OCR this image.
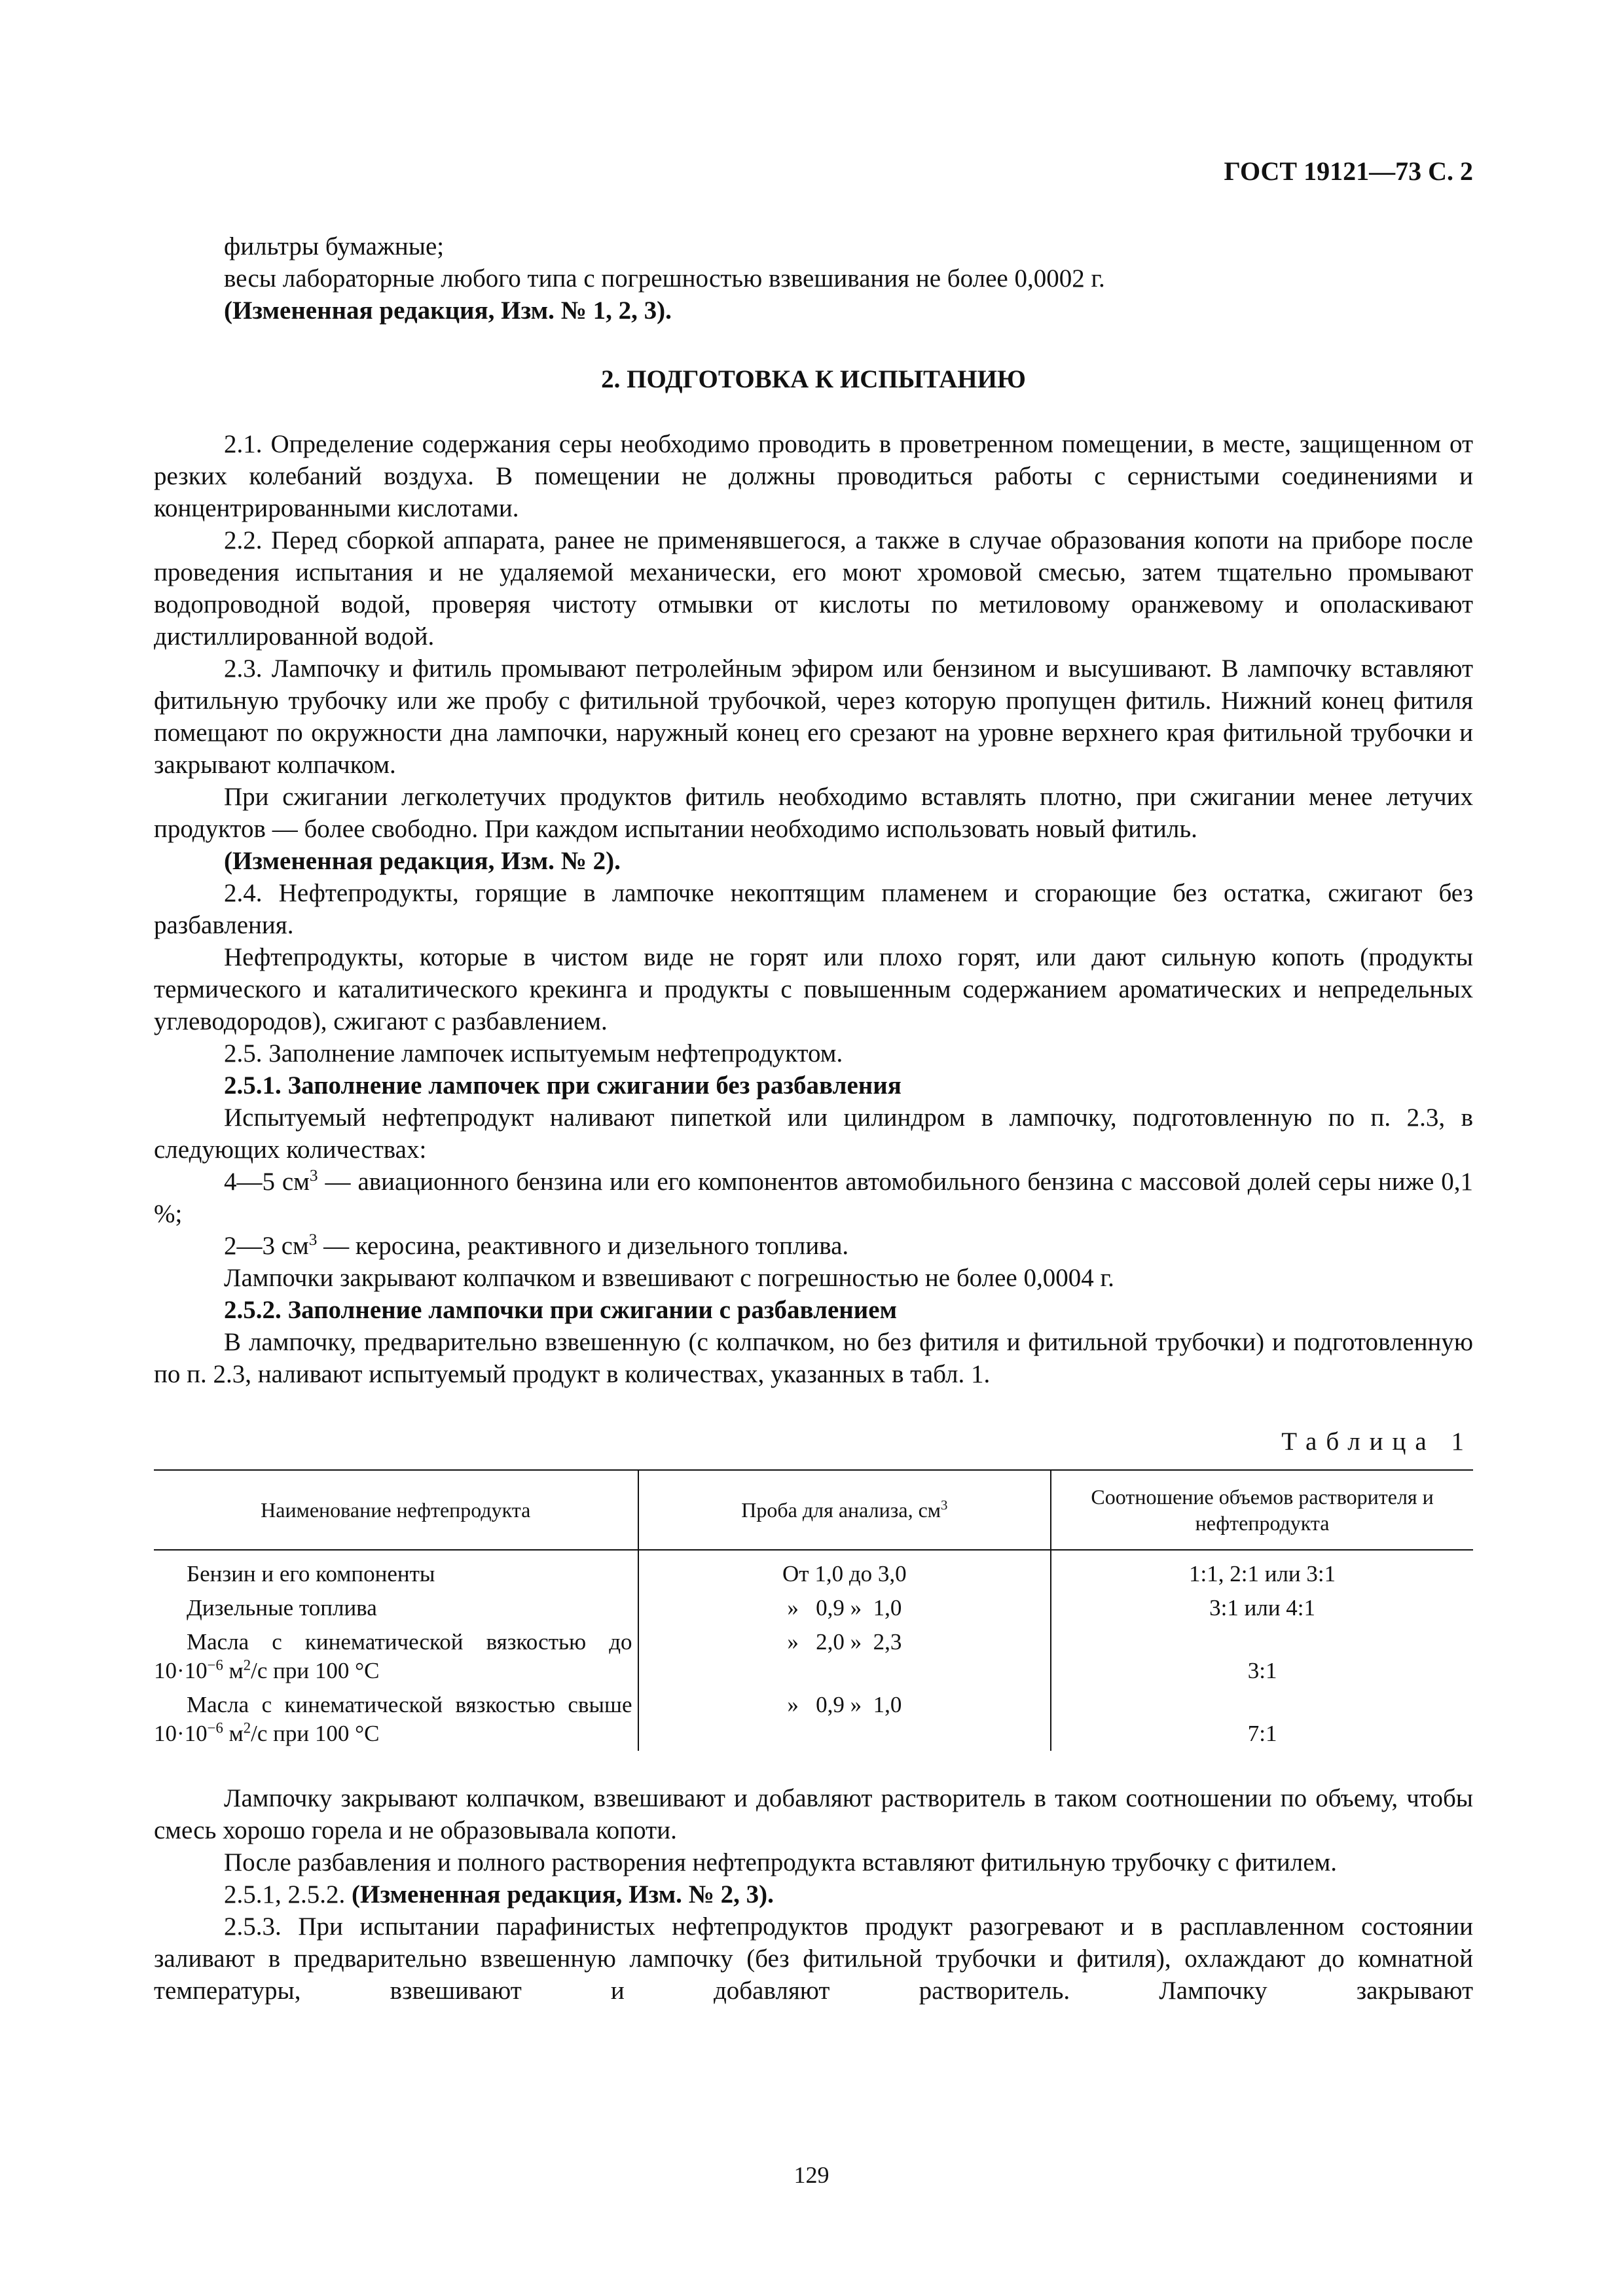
ГОСТ 19121—73 С. 2

фильтры бумажные;

весы лабораторные любого типа с погрешностью взвешивания не более 0,0002 г.

(Измененная редакция, Изм. № 1, 2, 3).

2. ПОДГОТОВКА К ИСПЫТАНИЮ

2.1. Определение содержания серы необходимо проводить в проветренном помещении, в месте, защищенном от резких колебаний воздуха. В помещении не должны проводиться работы с сернистыми соединениями и концентрированными кислотами.

2.2. Перед сборкой аппарата, ранее не применявшегося, а также в случае образования копоти на приборе после проведения испытания и не удаляемой механически, его моют хромовой смесью, затем тщательно промывают водопроводной водой, проверяя чистоту отмывки от кислоты по метиловому оранжевому и ополаскивают дистиллированной водой.

2.3. Лампочку и фитиль промывают петролейным эфиром или бензином и высушивают. В лампочку вставляют фитильную трубочку или же пробу с фитильной трубочкой, через которую пропущен фитиль. Нижний конец фитиля помещают по окружности дна лампочки, наружный конец его срезают на уровне верхнего края фитильной трубочки и закрывают колпачком.

При сжигании легколетучих продуктов фитиль необходимо вставлять плотно, при сжигании менее летучих продуктов — более свободно. При каждом испытании необходимо использовать новый фитиль.

(Измененная редакция, Изм. № 2).

2.4. Нефтепродукты, горящие в лампочке некоптящим пламенем и сгорающие без остатка, сжигают без разбавления.

Нефтепродукты, которые в чистом виде не горят или плохо горят, или дают сильную копоть (продукты термического и каталитического крекинга и продукты с повышенным содержанием ароматических и непредельных углеводородов), сжигают с разбавлением.

2.5. Заполнение лампочек испытуемым нефтепродуктом.

2.5.1. Заполнение лампочек при сжигании без разбавления

Испытуемый нефтепродукт наливают пипеткой или цилиндром в лампочку, подготовленную по п. 2.3, в следующих количествах:

4—5 $см^3$ — авиационного бензина или его компонентов автомобильного бензина с массовой долей серы ниже 0,1 %;

2—3 $см^3$ — керосина, реактивного и дизельного топлива.

Лампочки закрывают колпачком и взвешивают с погрешностью не более 0,0004 г.

2.5.2. Заполнение лампочки при сжигании с разбавлением

В лампочку, предварительно взвешенную (с колпачком, но без фитиля и фитильной трубочки) и подготовленную по п. 2.3, наливают испытуемый продукт в количествах, указанных в табл. 1.

Таблица 1

Наименование нефтепродукта	Проба для анализа, $см^3$	Соотношение объемов растворителя и нефтепродукта
Бензин и его компоненты	От 1,0 до 3,0	1:1, 2:1 или 3:1
Дизельные топлива	»   0,9 »  1,0	3:1 или 4:1
Масла с кинематической вязкостью до $10\cdot 10^{-6}$ $м^2/с$ при 100 °С	»   2,0 »  2,3	3:1
Масла с кинематической вязкостью свыше $10\cdot 10^{-6}$ $м^2/с$ при 100 °С	»   0,9 »  1,0	7:1

Лампочку закрывают колпачком, взвешивают и добавляют растворитель в таком соотношении по объему, чтобы смесь хорошо горела и не образовывала копоти.

После разбавления и полного растворения нефтепродукта вставляют фитильную трубочку с фитилем.

2.5.1, 2.5.2. (Измененная редакция, Изм. № 2, 3).

2.5.3. При испытании парафинистых нефтепродуктов продукт разогревают и в расплавленном состоянии заливают в предварительно взвешенную лампочку (без фитильной трубочки и фитиля), охлаждают до комнатной температуры, взвешивают и добавляют растворитель. Лампочку закрывают

129
